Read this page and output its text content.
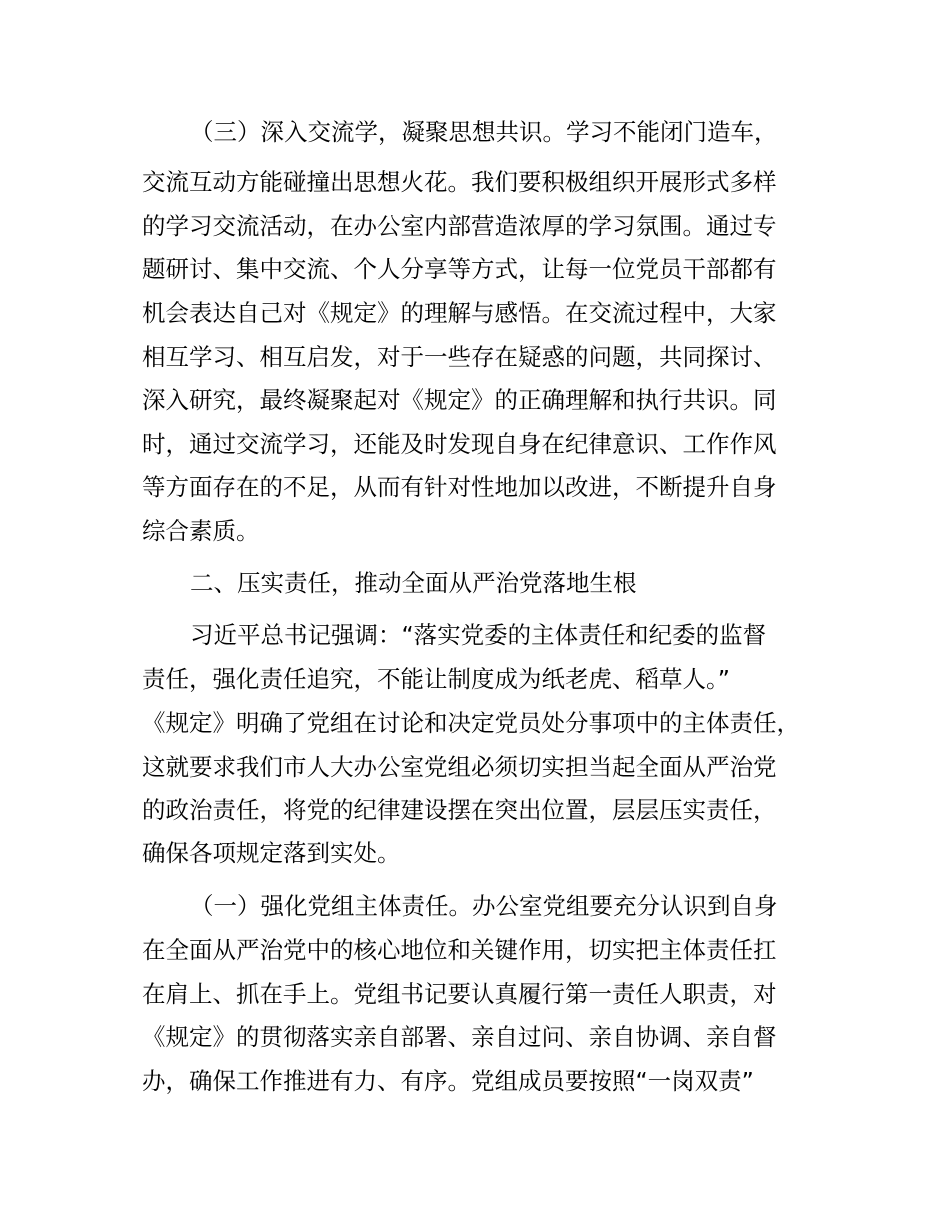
（三）深入交流学，凝聚思想共识。学习不能闭门造车，
交流互动方能碰撞出思想火花。我们要积极组织开展形式多样
的学习交流活动，在办公室内部营造浓厚的学习氛围。通过专
题研讨、集中交流、个人分享等方式，让每一位党员干部都有
机会表达自己对《规定》的理解与感悟。在交流过程中，大家
相互学习、相互启发，对于一些存在疑惑的问题，共同探讨、
深入研究，最终凝聚起对《规定》的正确理解和执行共识。同
时，通过交流学习，还能及时发现自身在纪律意识、工作作风
等方面存在的不足，从而有针对性地加以改进，不断提升自身
综合素质。
二、压实责任，推动全面从严治党落地生根
习近平总书记强调：“落实党委的主体责任和纪委的监督
责任，强化责任追究，不能让制度成为纸老虎、稻草人。”
《规定》明确了党组在讨论和决定党员处分事项中的主体责任，
这就要求我们市人大办公室党组必须切实担当起全面从严治党
的政治责任，将党的纪律建设摆在突出位置，层层压实责任，
确保各项规定落到实处。
（一）强化党组主体责任。办公室党组要充分认识到自身
在全面从严治党中的核心地位和关键作用，切实把主体责任扛
在肩上、抓在手上。党组书记要认真履行第一责任人职责，对
《规定》的贯彻落实亲自部署、亲自过问、亲自协调、亲自督
办，确保工作推进有力、有序。党组成员要按照“一岗双责”
